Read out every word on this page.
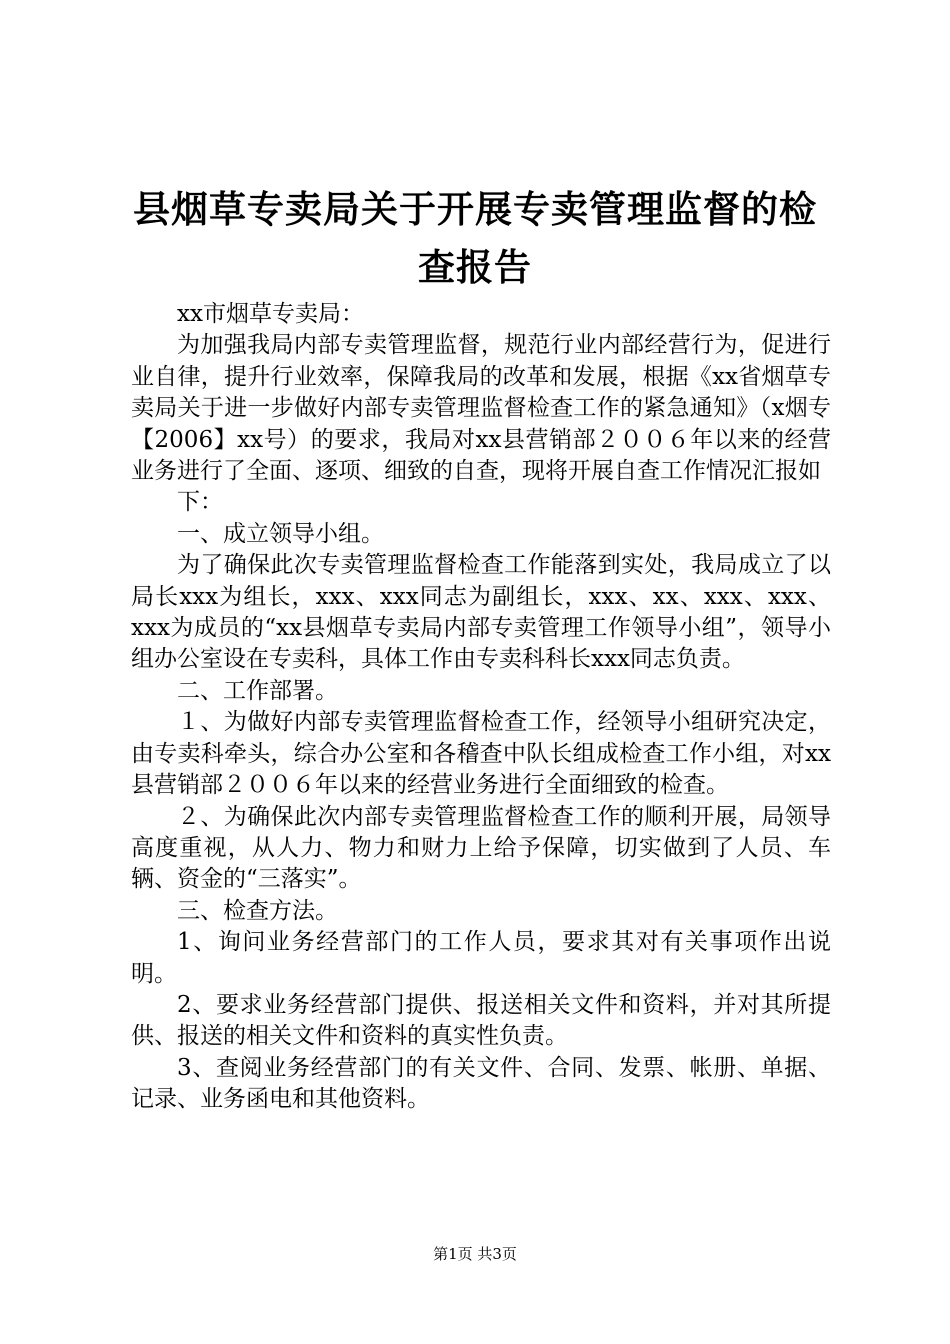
县烟草专卖局关于开展专卖管理监督的检查报告

xx市烟草专卖局：

为加强我局内部专卖管理监督，规范行业内部经营行为，促进行业自律，提升行业效率，保障我局的改革和发展，根据《xx省烟草专卖局关于进一步做好内部专卖管理监督检查工作的紧急通知》（x烟专【2006】xx号）的要求，我局对xx县营销部２００６年以来的经营业务进行了全面、逐项、细致的自查，现将开展自查工作情况汇报如

下：

一、成立领导小组。

为了确保此次专卖管理监督检查工作能落到实处，我局成立了以局长xxx为组长，xxx、xxx同志为副组长，xxx、xx、xxx、xxx、xxx为成员的“xx县烟草专卖局内部专卖管理工作领导小组”，领导小组办公室设在专卖科，具体工作由专卖科科长xxx同志负责。

二、工作部署。

１、为做好内部专卖管理监督检查工作，经领导小组研究决定，由专卖科牵头，综合办公室和各稽查中队长组成检查工作小组，对xx县营销部２００６年以来的经营业务进行全面细致的检查。

２、为确保此次内部专卖管理监督检查工作的顺利开展，局领导高度重视，从人力、物力和财力上给予保障，切实做到了人员、车辆、资金的“三落实”。

三、检查方法。

1、询问业务经营部门的工作人员，要求其对有关事项作出说明。

2、要求业务经营部门提供、报送相关文件和资料，并对其所提供、报送的相关文件和资料的真实性负责。

3、查阅业务经营部门的有关文件、合同、发票、帐册、单据、记录、业务函电和其他资料。

第1页 共3页
